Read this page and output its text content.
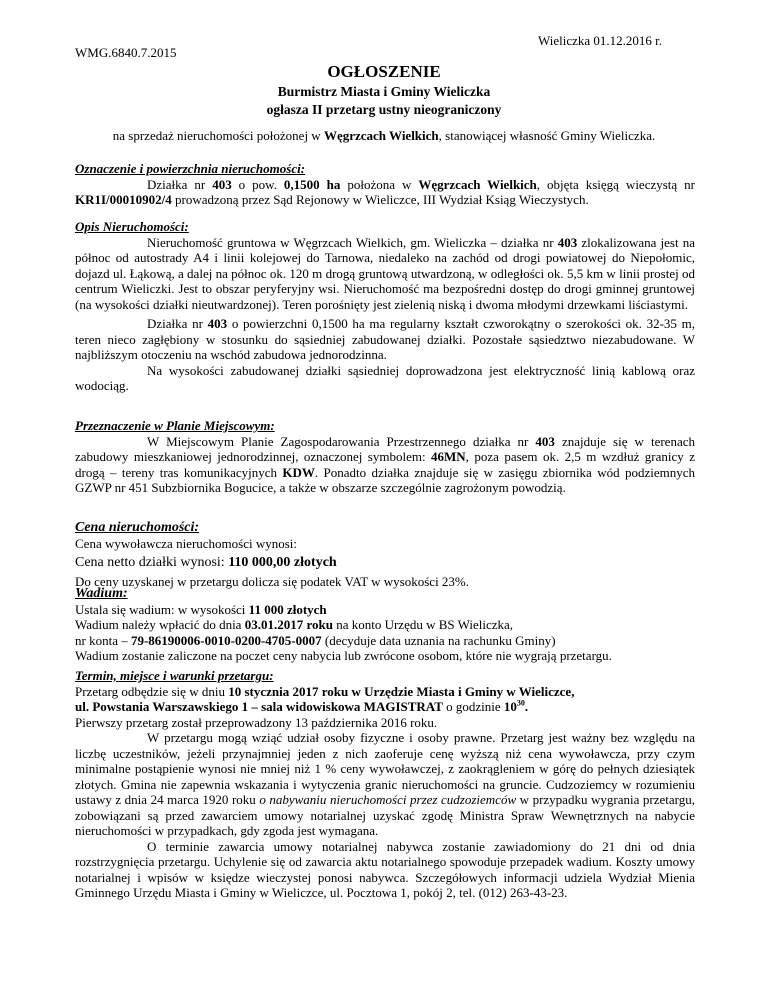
Wieliczka 01.12.2016 r.
WMG.6840.7.2015
OGŁOSZENIE
Burmistrz Miasta i Gminy Wieliczka
ogłasza II przetarg ustny nieograniczony
na sprzedaż nieruchomości położonej w Węgrzcach Wielkich, stanowiącej własność Gminy Wieliczka.
Oznaczenie i powierzchnia nieruchomości:

Działka nr 403 o pow. 0,1500 ha położona w Węgrzcach Wielkich, objęta księgą wieczystą nr KR1I/00010902/4 prowadzoną przez Sąd Rejonowy w Wieliczce, III Wydział Ksiąg Wieczystych.

Opis Nieruchomości:

Nieruchomość gruntowa w Węgrzcach Wielkich, gm. Wieliczka – działka nr 403 zlokalizowana jest na północ od autostrady A4 i linii kolejowej do Tarnowa, niedaleko na zachód od drogi powiatowej do Niepołomic, dojazd ul. Łąkową, a dalej na północ ok. 120 m drogą gruntową utwardzoną, w odległości ok. 5,5 km w linii prostej od centrum Wieliczki. Jest to obszar peryferyjny wsi. Nieruchomość ma bezpośredni dostęp do drogi gminnej gruntowej (na wysokości działki nieutwardzonej). Teren porośnięty jest zielenią niską i dwoma młodymi drzewkami liściastymi.

Działka nr 403 o powierzchni 0,1500 ha ma regularny kształt czworokątny o szerokości ok. 32-35 m, teren nieco zagłębiony w stosunku do sąsiedniej zabudowanej działki. Pozostałe sąsiedztwo niezabudowane. W najbliższym otoczeniu na wschód zabudowa jednorodzinna.

Na wysokości zabudowanej działki sąsiedniej doprowadzona jest elektryczność linią kablową oraz wodociąg.

Przeznaczenie w Planie Miejscowym:

W Miejscowym Planie Zagospodarowania Przestrzennego działka nr 403 znajduje się w terenach zabudowy mieszkaniowej jednorodzinnej, oznaczonej symbolem: 46MN, poza pasem ok. 2,5 m wzdłuż granicy z drogą – tereny tras komunikacyjnych KDW. Ponadto działka znajduje się w zasięgu zbiornika wód podziemnych GZWP nr 451 Subzbiornika Bogucice, a także w obszarze szczególnie zagrożonym powodzią.

Cena nieruchomości:

Cena wywoławcza nieruchomości wynosi:

Cena netto działki wynosi: 110 000,00 złotych

Do ceny uzyskanej w przetargu dolicza się podatek VAT w wysokości 23%.

Wadium:

Ustala się wadium: w wysokości 11 000 złotych

Wadium należy wpłacić do dnia 03.01.2017 roku na konto Urzędu w BS Wieliczka,

nr konta – 79-86190006-0010-0200-4705-0007 (decyduje data uznania na rachunku Gminy)

Wadium zostanie zaliczone na poczet ceny nabycia lub zwrócone osobom, które nie wygrają przetargu.

Termin, miejsce i warunki przetargu:

Przetarg odbędzie się w dniu 10 stycznia 2017 roku w Urzędzie Miasta i Gminy w Wieliczce,

ul. Powstania Warszawskiego 1 – sala widowiskowa MAGISTRAT o godzinie $10^{30}$.

Pierwszy przetarg został przeprowadzony 13 października 2016 roku.

W przetargu mogą wziąć udział osoby fizyczne i osoby prawne. Przetarg jest ważny bez względu na liczbę uczestników, jeżeli przynajmniej jeden z nich zaoferuje cenę wyższą niż cena wywoławcza, przy czym minimalne postąpienie wynosi nie mniej niż 1 % ceny wywoławczej, z zaokrągleniem w górę do pełnych dziesiątek złotych. Gmina nie zapewnia wskazania i wytyczenia granic nieruchomości na gruncie. Cudzoziemcy w rozumieniu ustawy z dnia 24 marca 1920 roku o nabywaniu nieruchomości przez cudzoziemców w przypadku wygrania przetargu, zobowiązani są przed zawarciem umowy notarialnej uzyskać zgodę Ministra Spraw Wewnętrznych na nabycie nieruchomości w przypadkach, gdy zgoda jest wymagana.

O terminie zawarcia umowy notarialnej nabywca zostanie zawiadomiony do 21 dni od dnia rozstrzygnięcia przetargu. Uchylenie się od zawarcia aktu notarialnego spowoduje przepadek wadium. Koszty umowy notarialnej i wpisów w księdze wieczystej ponosi nabywca. Szczegółowych informacji udziela Wydział Mienia Gminnego Urzędu Miasta i Gminy w Wieliczce, ul. Pocztowa 1, pokój 2, tel. (012) 263-43-23.
